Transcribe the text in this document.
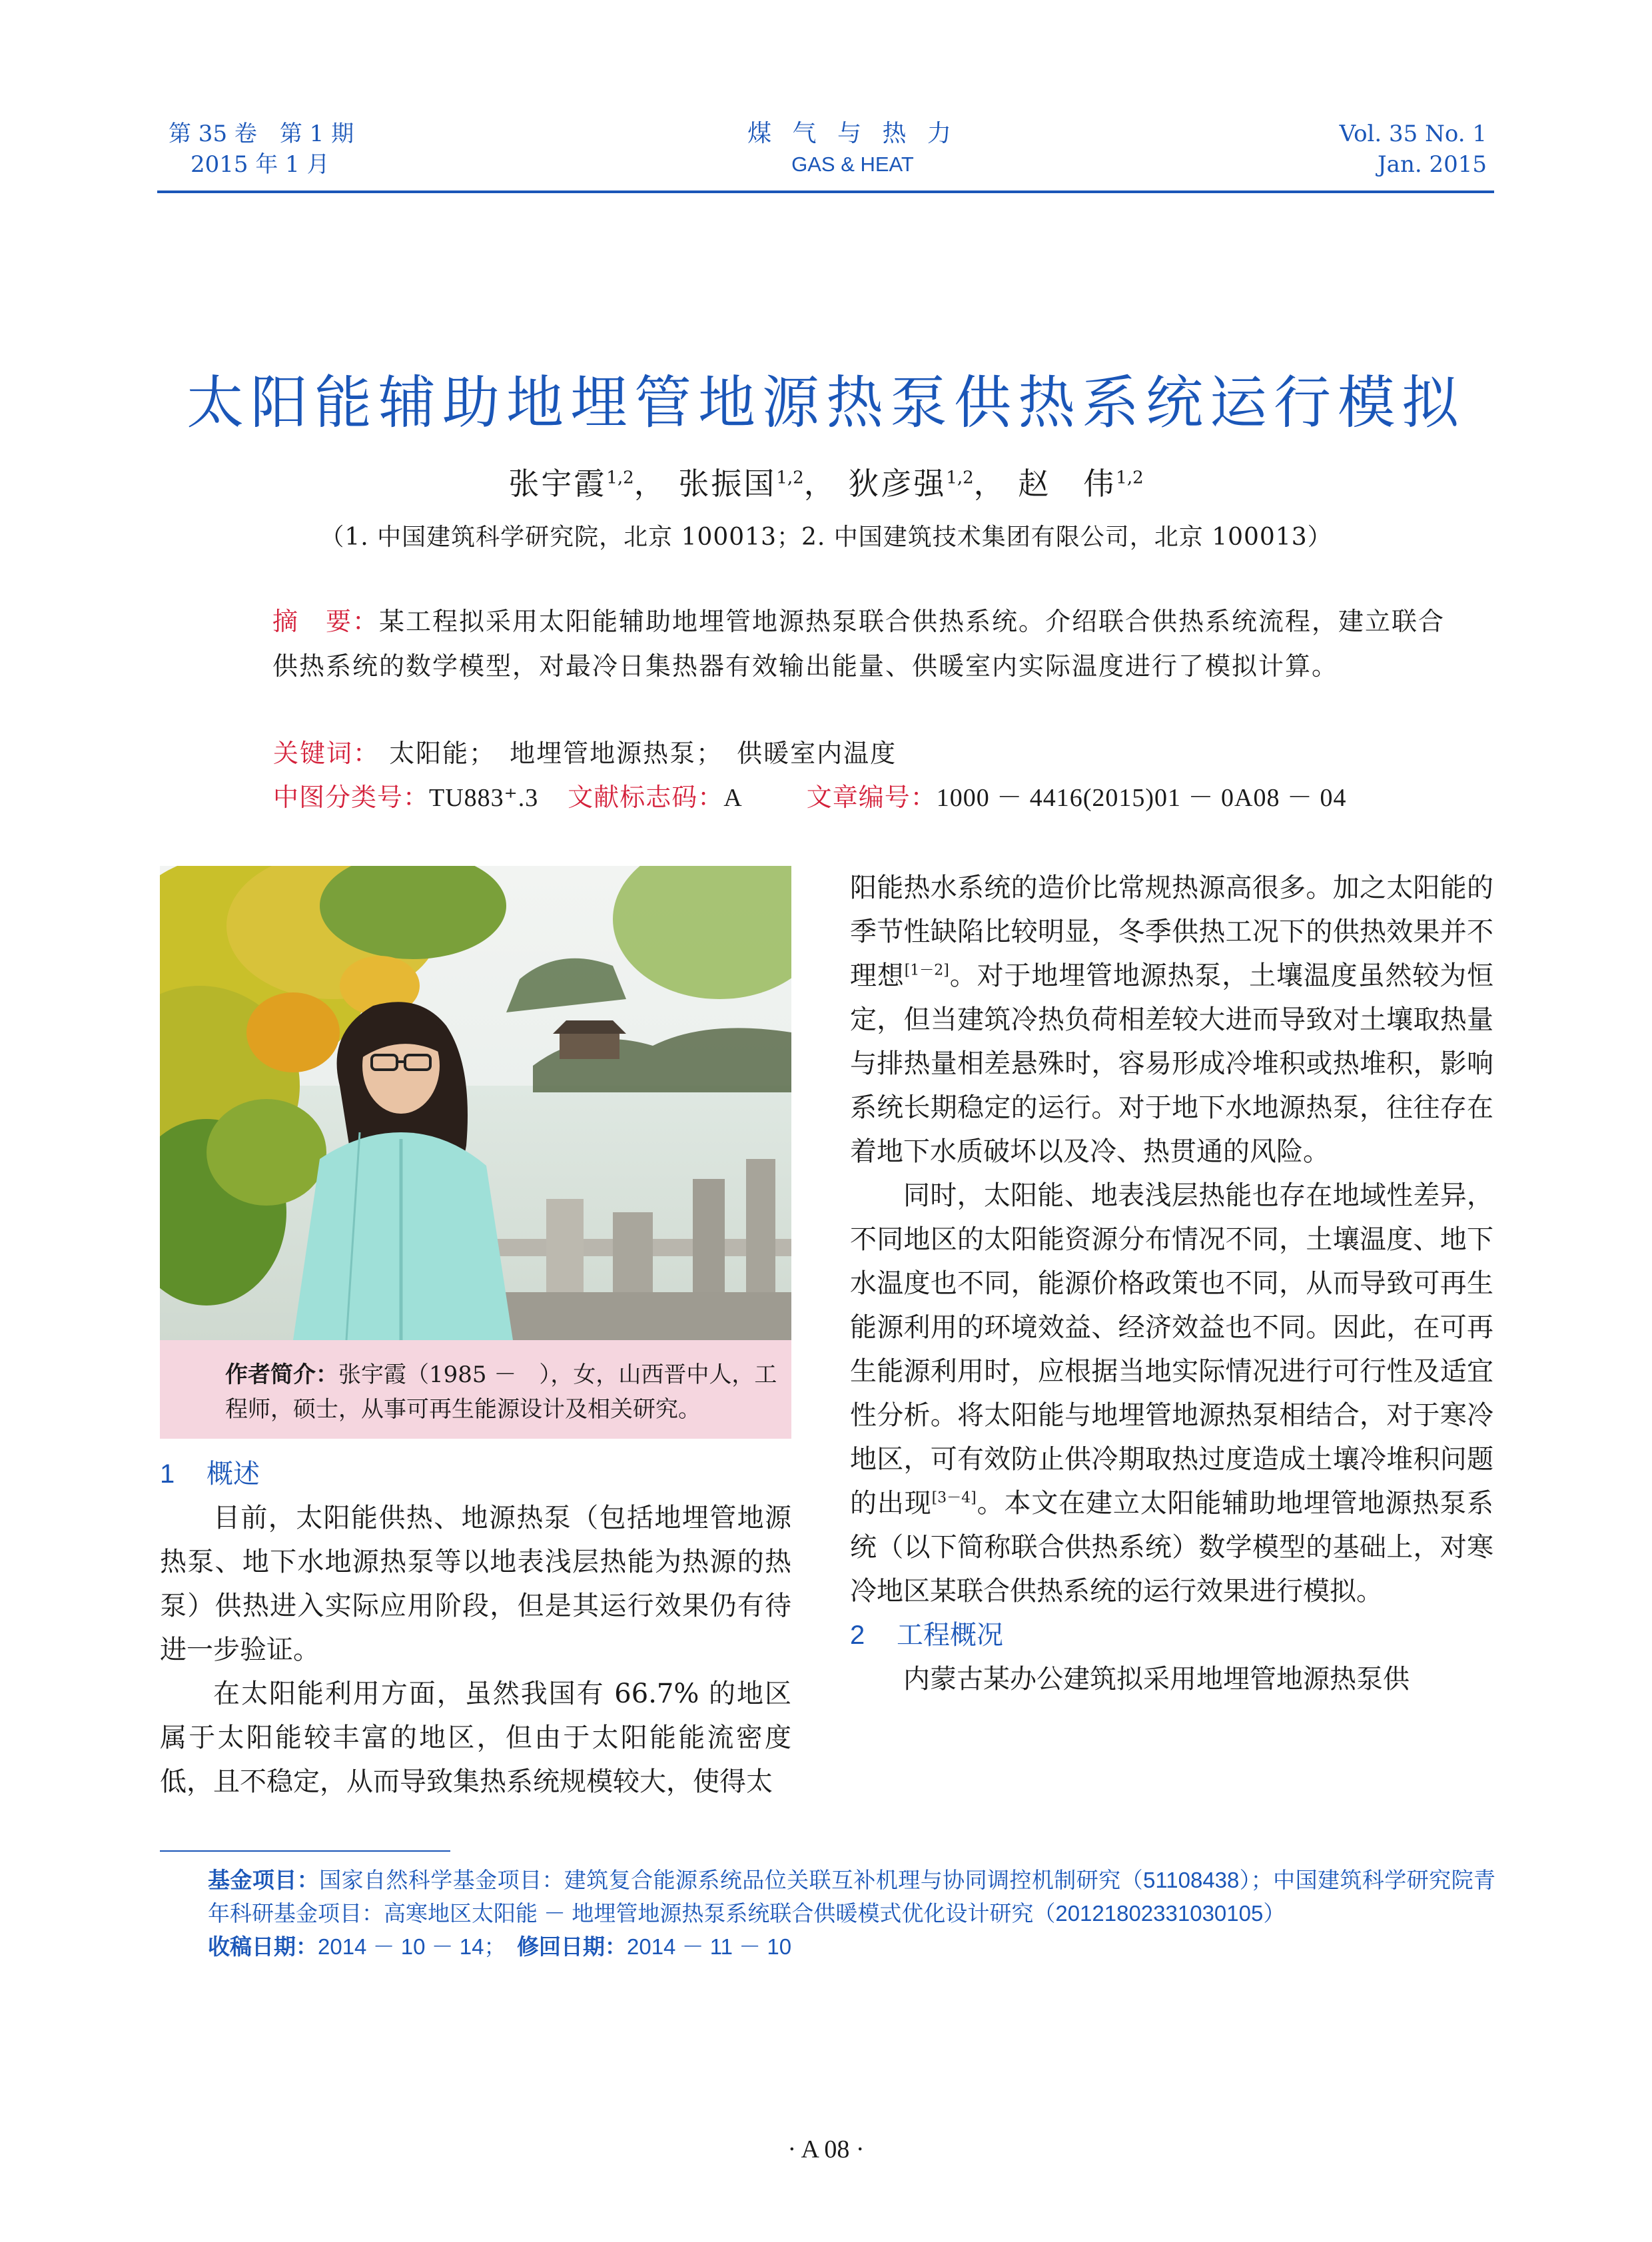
第 35 卷　第 1 期
2015 年 1 月
煤 气 与 热 力
GAS & HEAT
Vol. 35 No. 1
Jan. 2015
太阳能辅助地埋管地源热泵供热系统运行模拟
张宇霞$^{1,2}$， 张振国$^{1,2}$， 狄彦强$^{1,2}$， 赵　伟$^{1,2}$
（1. 中国建筑科学研究院，北京 100013；2. 中国建筑技术集团有限公司，北京 100013）
摘　要：某工程拟采用太阳能辅助地埋管地源热泵联合供热系统。介绍联合供热系统流程，建立联合供热系统的数学模型，对最冷日集热器有效输出能量、供暖室内实际温度进行了模拟计算。
关键词： 太阳能；　地埋管地源热泵；　供暖室内温度
中图分类号：TU883⁺.3 文献标志码：A	文章编号：1000 － 4416(2015)01 － 0A08 － 04
作者简介：张宇霞（1985 －　），女，山西晋中人，工程师，硕士，从事可再生能源设计及相关研究。
1 概述

目前，太阳能供热、地源热泵（包括地埋管地源热泵、地下水地源热泵等以地表浅层热能为热源的热泵）供热进入实际应用阶段，但是其运行效果仍有待进一步验证。

在太阳能利用方面，虽然我国有 66.7% 的地区属于太阳能较丰富的地区，但由于太阳能能流密度低，且不稳定，从而导致集热系统规模较大，使得太

阳能热水系统的造价比常规热源高很多。加之太阳能的季节性缺陷比较明显，冬季供热工况下的供热效果并不理想[1－2]。对于地埋管地源热泵，土壤温度虽然较为恒定，但当建筑冷热负荷相差较大进而导致对土壤取热量与排热量相差悬殊时，容易形成冷堆积或热堆积，影响系统长期稳定的运行。对于地下水地源热泵，往往存在着地下水质破坏以及冷、热贯通的风险。

同时，太阳能、地表浅层热能也存在地域性差异，不同地区的太阳能资源分布情况不同，土壤温度、地下水温度也不同，能源价格政策也不同，从而导致可再生能源利用的环境效益、经济效益也不同。因此，在可再生能源利用时，应根据当地实际情况进行可行性及适宜性分析。将太阳能与地埋管地源热泵相结合，对于寒冷地区，可有效防止供冷期取热过度造成土壤冷堆积问题的出现[3－4]。本文在建立太阳能辅助地埋管地源热泵系统（以下简称联合供热系统）数学模型的基础上，对寒冷地区某联合供热系统的运行效果进行模拟。

2 工程概况

内蒙古某办公建筑拟采用地埋管地源热泵供

基金项目：国家自然科学基金项目：建筑复合能源系统品位关联互补机理与协同调控机制研究（51108438）；中国建筑科学研究院青年科研基金项目：高寒地区太阳能 － 地埋管地源热泵系统联合供暖模式优化设计研究（20121802331030105）

收稿日期：2014 － 10 － 14；　 修回日期：2014 － 11 － 10

· A 08 ·
